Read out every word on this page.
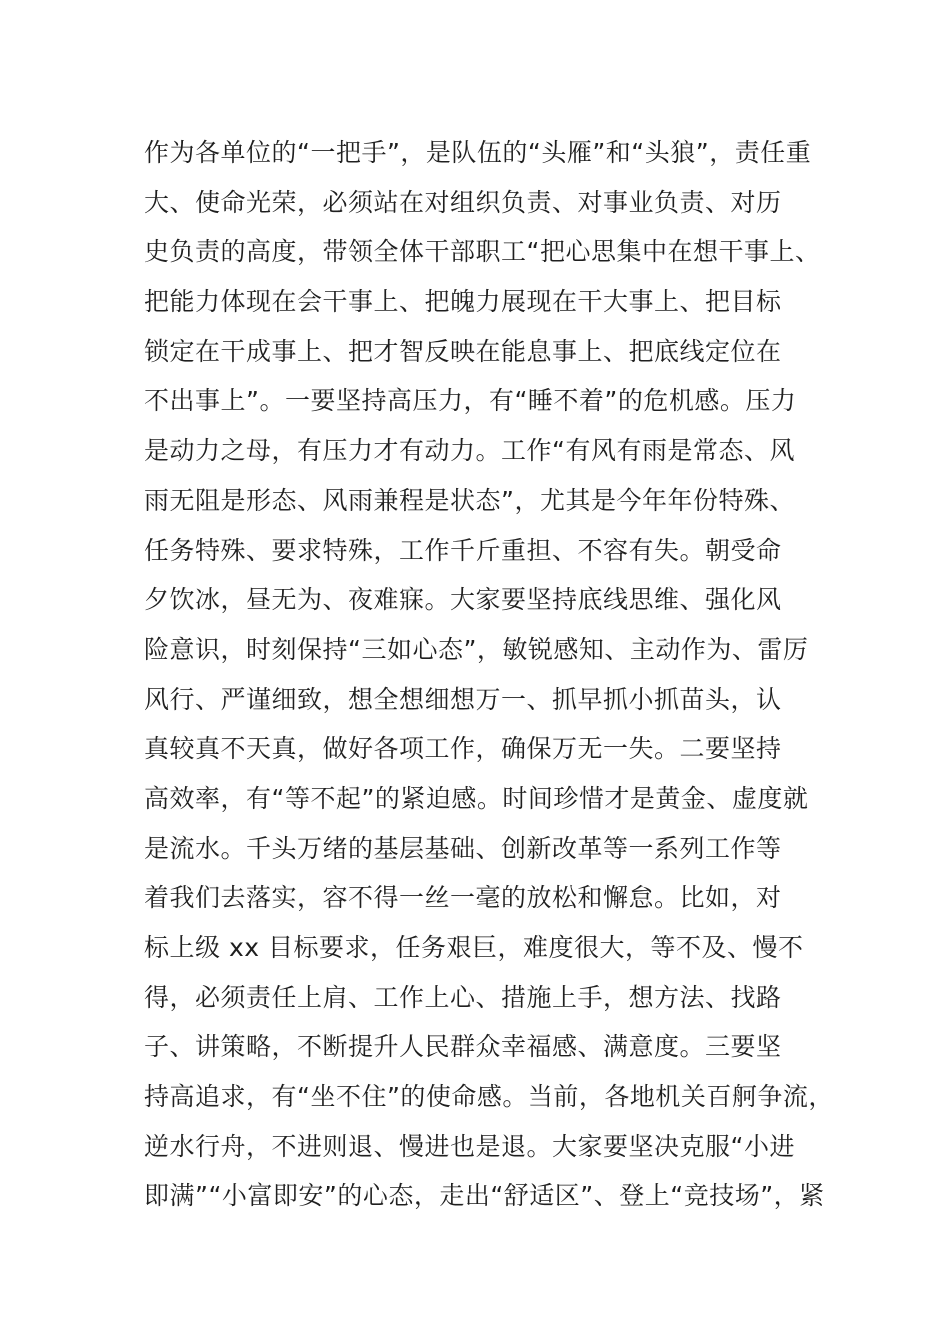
作为各单位的“一把手”，是队伍的“头雁”和“头狼”，责任重
大、使命光荣，必须站在对组织负责、对事业负责、对历
史负责的高度，带领全体干部职工“把心思集中在想干事上、
把能力体现在会干事上、把魄力展现在干大事上、把目标
锁定在干成事上、把才智反映在能息事上、把底线定位在
不出事上”。一要坚持高压力，有“睡不着”的危机感。压力
是动力之母，有压力才有动力。工作“有风有雨是常态、风
雨无阻是形态、风雨兼程是状态”，尤其是今年年份特殊、
任务特殊、要求特殊，工作千斤重担、不容有失。朝受命
夕饮冰，昼无为、夜难寐。大家要坚持底线思维、强化风
险意识，时刻保持“三如心态”，敏锐感知、主动作为、雷厉
风行、严谨细致，想全想细想万一、抓早抓小抓苗头，认
真较真不天真，做好各项工作，确保万无一失。二要坚持
高效率，有“等不起”的紧迫感。时间珍惜才是黄金、虚度就
是流水。千头万绪的基层基础、创新改革等一系列工作等
着我们去落实，容不得一丝一毫的放松和懈怠。比如，对
标上级 xx 目标要求，任务艰巨，难度很大，等不及、慢不
得，必须责任上肩、工作上心、措施上手，想方法、找路
子、讲策略，不断提升人民群众幸福感、满意度。三要坚
持高追求，有“坐不住”的使命感。当前，各地机关百舸争流，
逆水行舟，不进则退、慢进也是退。大家要坚决克服“小进
即满”“小富即安”的心态，走出“舒适区”、登上“竞技场”，紧
